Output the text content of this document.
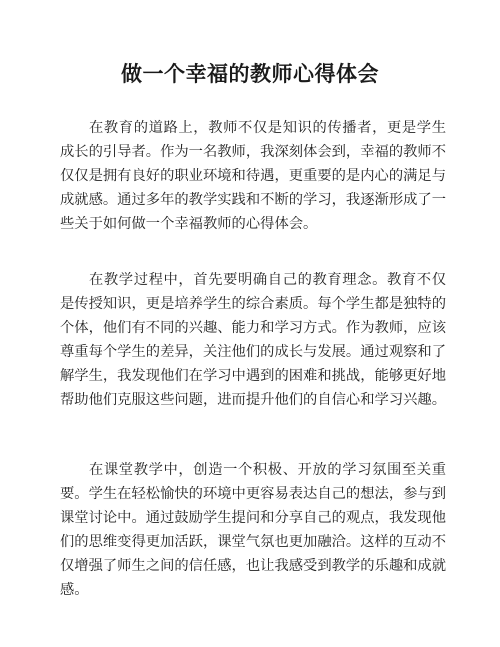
做一个幸福的教师心得体会

在教育的道路上，教师不仅是知识的传播者，更是学生成长的引导者。作为一名教师，我深刻体会到，幸福的教师不仅仅是拥有良好的职业环境和待遇，更重要的是内心的满足与成就感。通过多年的教学实践和不断的学习，我逐渐形成了一些关于如何做一个幸福教师的心得体会。

在教学过程中，首先要明确自己的教育理念。教育不仅是传授知识，更是培养学生的综合素质。每个学生都是独特的个体，他们有不同的兴趣、能力和学习方式。作为教师，应该尊重每个学生的差异，关注他们的成长与发展。通过观察和了解学生，我发现他们在学习中遇到的困难和挑战，能够更好地帮助他们克服这些问题，进而提升他们的自信心和学习兴趣。

在课堂教学中，创造一个积极、开放的学习氛围至关重要。学生在轻松愉快的环境中更容易表达自己的想法，参与到课堂讨论中。通过鼓励学生提问和分享自己的观点，我发现他们的思维变得更加活跃，课堂气氛也更加融洽。这样的互动不仅增强了师生之间的信任感，也让我感受到教学的乐趣和成就感。
